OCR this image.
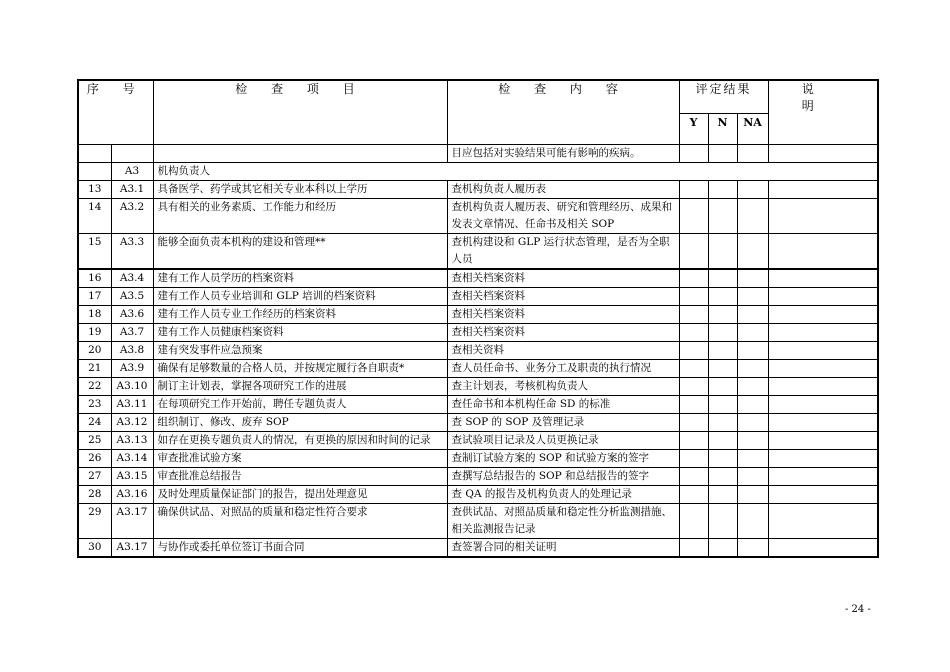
序 号		检 查 项 目	检 查 内 容	评定结果			说 明
				Y	N	NA	
			目应包括对实验结果可能有影响的疾病。				
	A3	机构负责人					
13	A3.1	具备医学、药学或其它相关专业本科以上学历	查机构负责人履历表				
14	A3.2	具有相关的业务素质、工作能力和经历	查机构负责人履历表、研究和管理经历、成果和发表文章情况、任命书及相关 SOP				
15	A3.3	能够全面负责本机构的建设和管理**	查机构建设和 GLP 运行状态管理，是否为全职人员				
16	A3.4	建有工作人员学历的档案资料	查相关档案资料				
17	A3.5	建有工作人员专业培训和 GLP 培训的档案资料	查相关档案资料				
18	A3.6	建有工作人员专业工作经历的档案资料	查相关档案资料				
19	A3.7	建有工作人员健康档案资料	查相关档案资料				
20	A3.8	建有突发事件应急预案	查相关资料				
21	A3.9	确保有足够数量的合格人员，并按规定履行各自职责*	查人员任命书、业务分工及职责的执行情况				
22	A3.10	制订主计划表，掌握各项研究工作的进展	查主计划表，考核机构负责人				
23	A3.11	在每项研究工作开始前，聘任专题负责人	查任命书和本机构任命 SD 的标准				
24	A3.12	组织制订、修改、废弃 SOP	查 SOP 的 SOP 及管理记录				
25	A3.13	如存在更换专题负责人的情况，有更换的原因和时间的记录	查试验项目记录及人员更换记录				
26	A3.14	审查批准试验方案	查制订试验方案的 SOP 和试验方案的签字				
27	A3.15	审查批准总结报告	查撰写总结报告的 SOP 和总结报告的签字				
28	A3.16	及时处理质量保证部门的报告，提出处理意见	查 QA 的报告及机构负责人的处理记录				
29	A3.17	确保供试品、对照品的质量和稳定性符合要求	查供试品、对照品质量和稳定性分析监测措施、相关监测报告记录				
30	A3.17	与协作或委托单位签订书面合同	查签署合同的相关证明				
- 24 -
